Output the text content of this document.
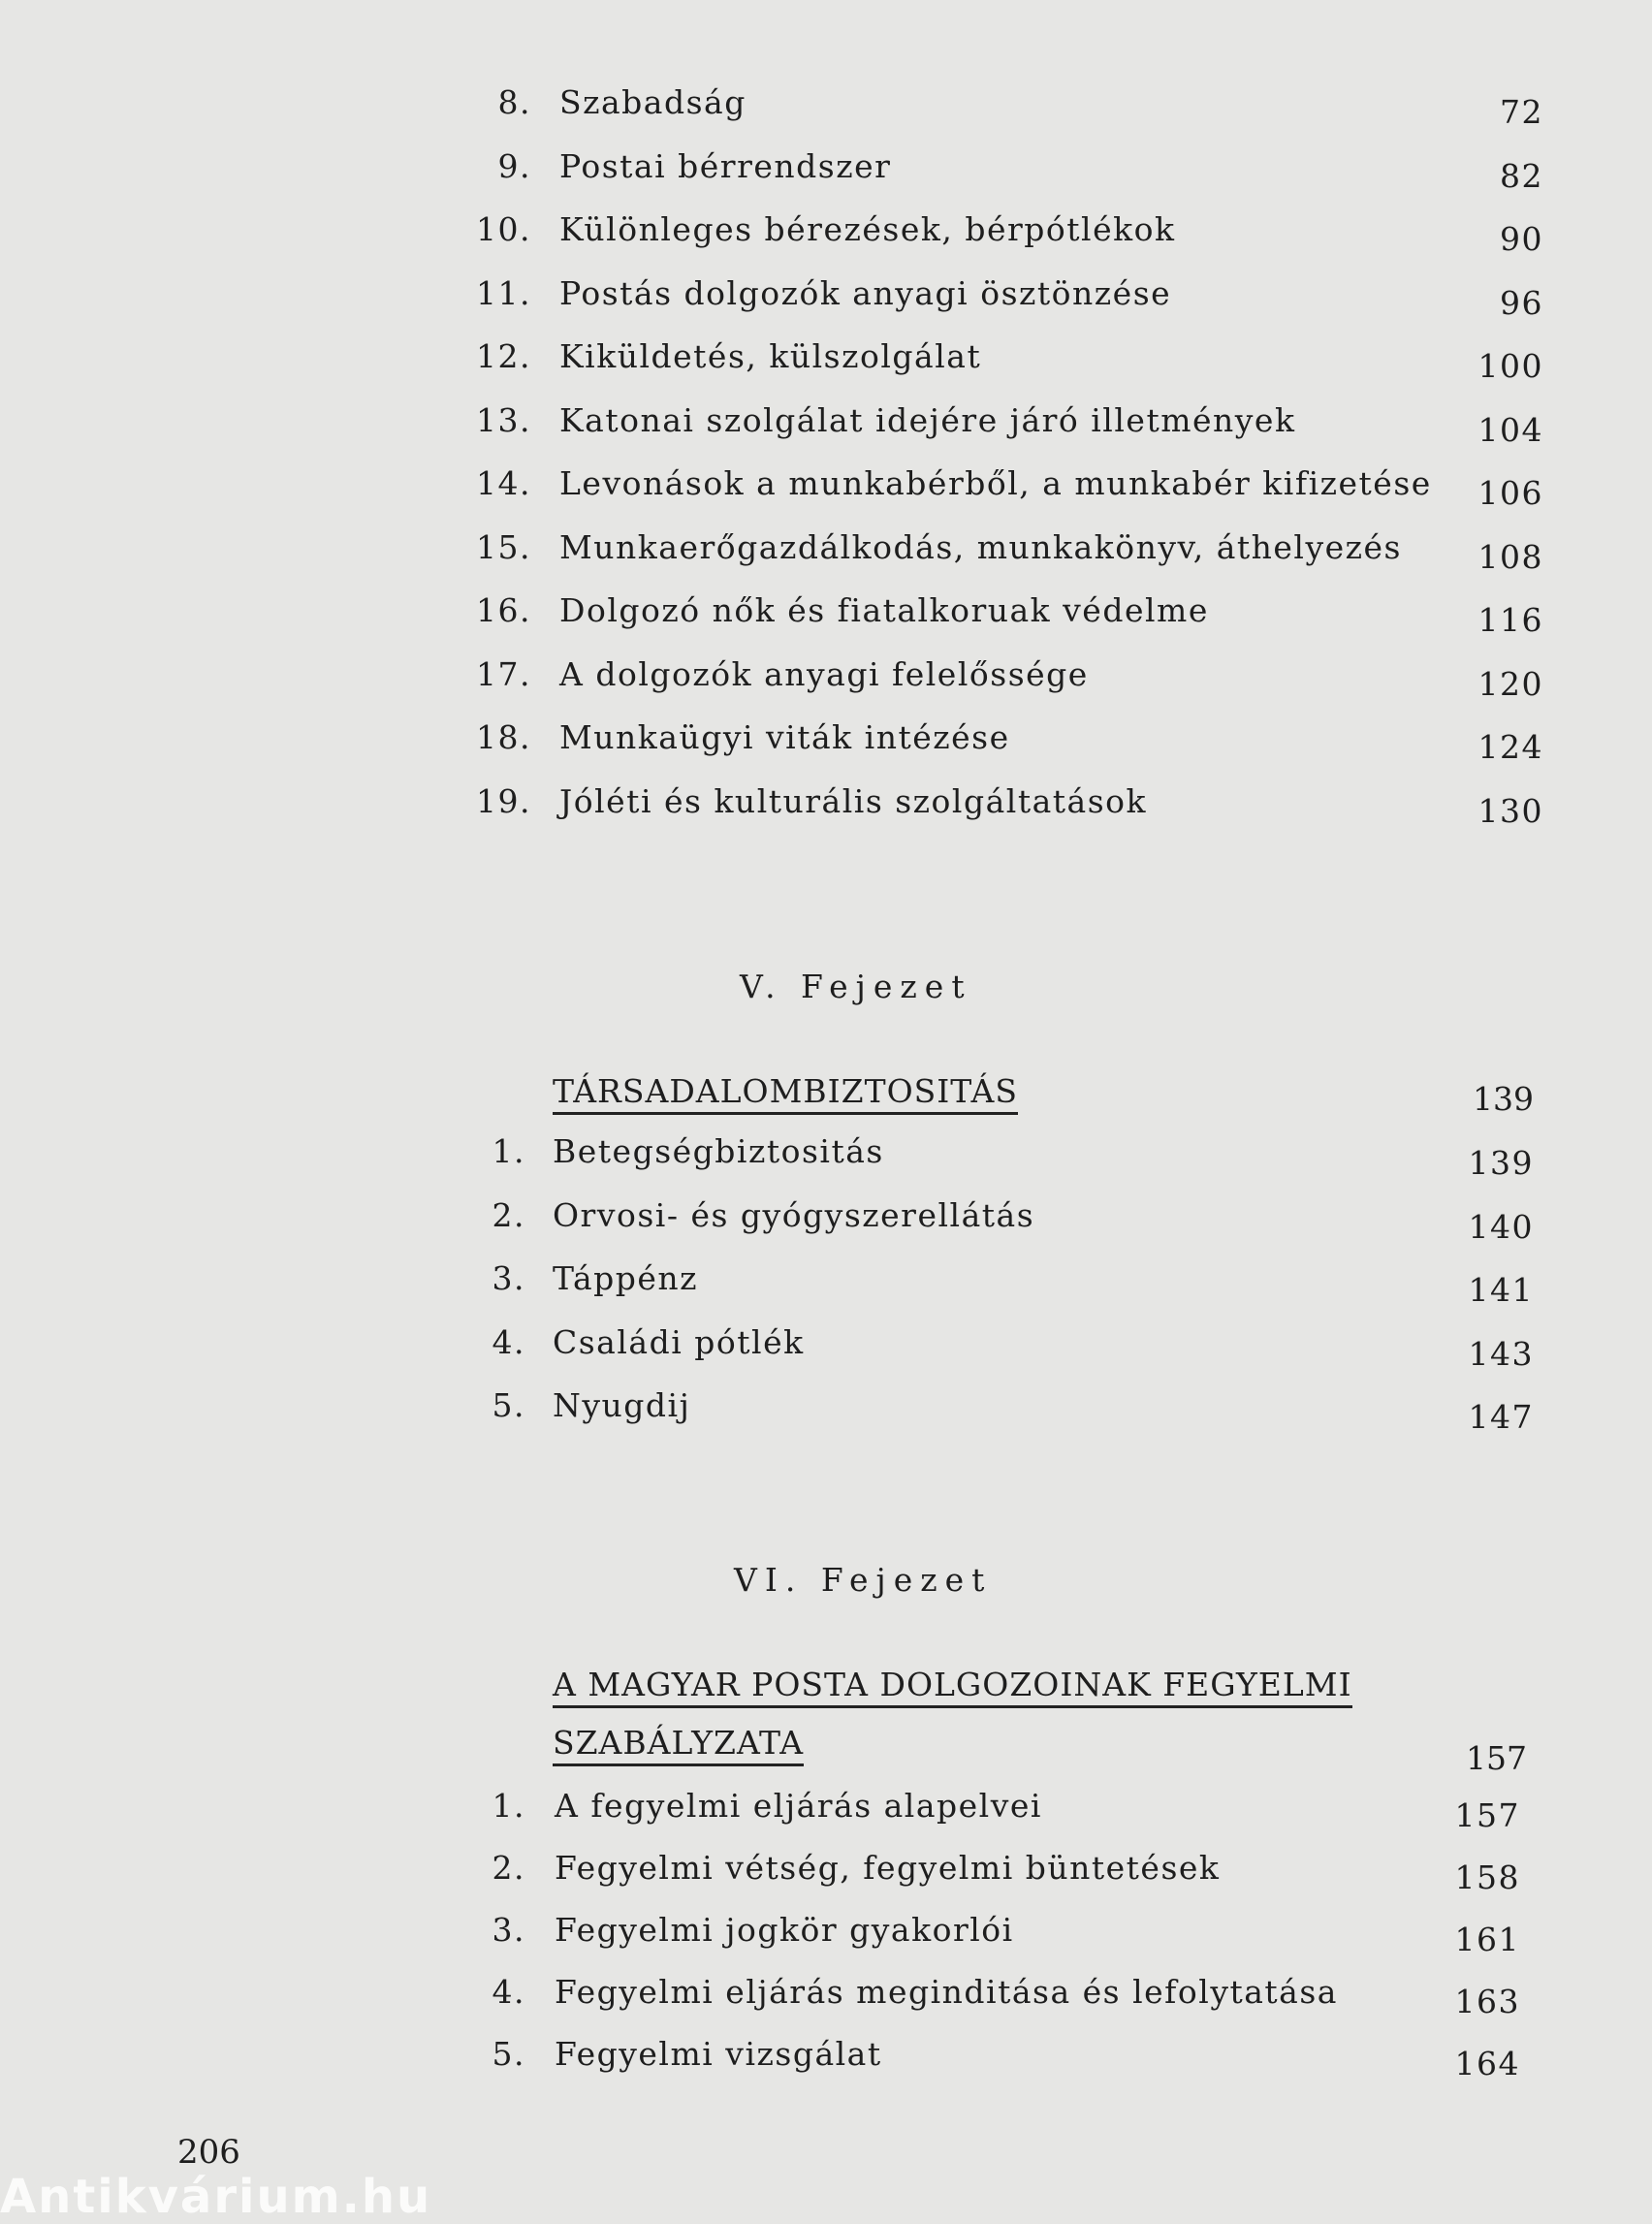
8. Szabadság	72
9. Postai bérrendszer	82
10. Különleges bérezések, bérpótlékok	90
11. Postás dolgozók anyagi ösztönzése	96
12. Kiküldetés, külszolgálat	100
13. Katonai szolgálat idejére járó illetmények	104
14. Levonások a munkabérből, a munkabér kifizetése	106
15. Munkaerőgazdálkodás, munkakönyv, áthelyezés	108
16. Dolgozó nők és fiatalkoruak védelme	116
17. A dolgozók anyagi felelőssége	120
18. Munkaügyi viták intézése	124
19. Jóléti és kulturális szolgáltatások	130
V. Fejezet
TÁRSADALOMBIZTOSITÁS	139
1. Betegségbiztositás	139
2. Orvosi- és gyógyszerellátás	140
3. Táppénz	141
4. Családi pótlék	143
5. Nyugdij	147
VI. Fejezet
A MAGYAR POSTA DOLGOZOINAK FEGYELMI
SZABÁLYZATA	157
1. A fegyelmi eljárás alapelvei	157
2. Fegyelmi vétség, fegyelmi büntetések	158
3. Fegyelmi jogkör gyakorlói	161
4. Fegyelmi eljárás meginditása és lefolytatása	163
5. Fegyelmi vizsgálat	164
206
Antikvárium.hu
